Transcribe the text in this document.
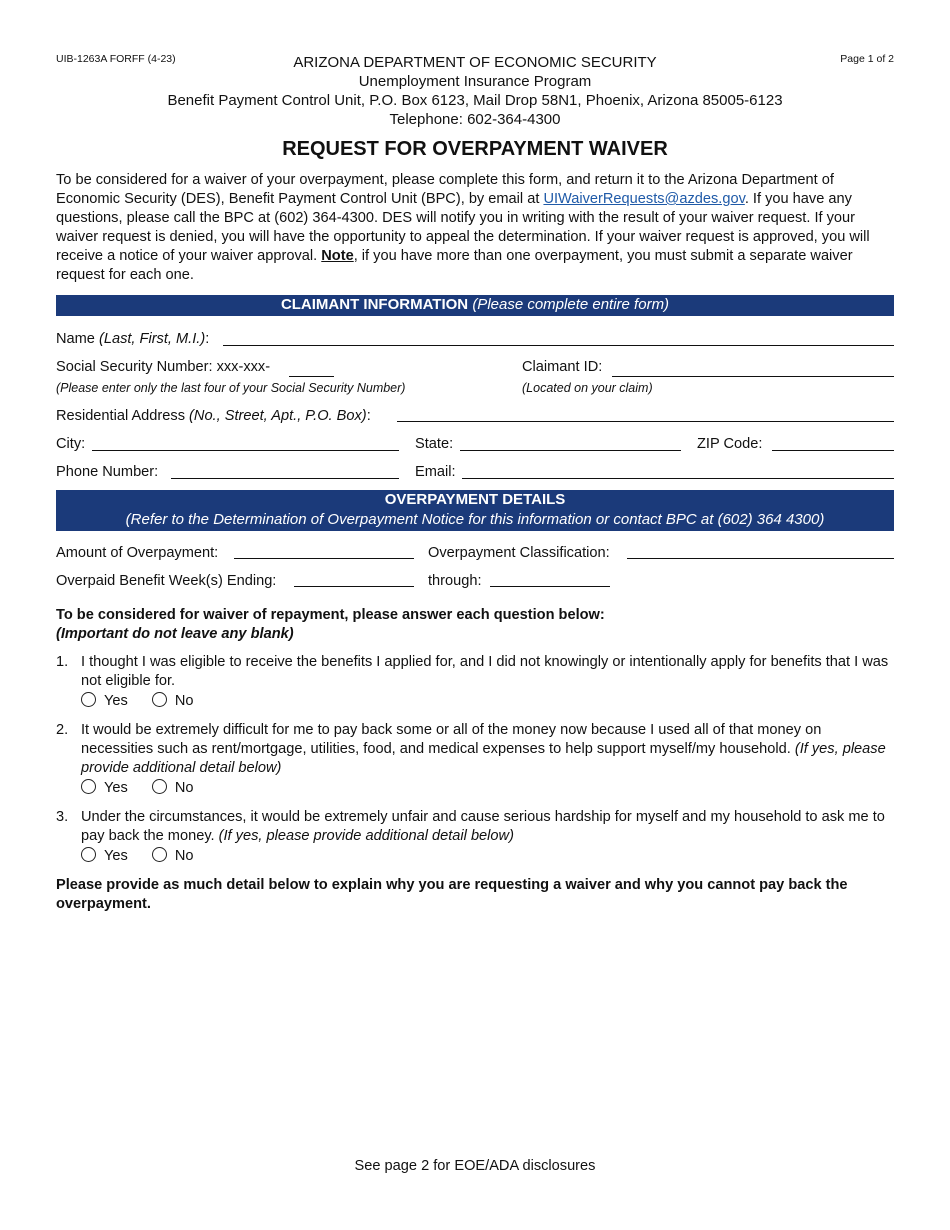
UIB-1263A FORFF (4-23)	Page 1 of 2
ARIZONA DEPARTMENT OF ECONOMIC SECURITY
Unemployment Insurance Program
Benefit Payment Control Unit, P.O. Box 6123, Mail Drop 58N1, Phoenix, Arizona 85005-6123
Telephone: 602-364-4300
REQUEST FOR OVERPAYMENT WAIVER
To be considered for a waiver of your overpayment, please complete this form, and return it to the Arizona Department of Economic Security (DES), Benefit Payment Control Unit (BPC), by email at UIWaiverRequests@azdes.gov. If you have any questions, please call the BPC at (602) 364-4300. DES will notify you in writing with the result of your waiver request. If your waiver request is denied, you will have the opportunity to appeal the determination. If your waiver request is approved, you will receive a notice of your waiver approval. Note, if you have more than one overpayment, you must submit a separate waiver request for each one.
CLAIMANT INFORMATION (Please complete entire form)
Name (Last, First, M.I.):
Social Security Number: xxx-xxx-
(Please enter only the last four of your Social Security Number)
Claimant ID:
(Located on your claim)
Residential Address (No., Street, Apt., P.O. Box):
City:	State:	ZIP Code:
Phone Number:	Email:
OVERPAYMENT DETAILS
(Refer to the Determination of Overpayment Notice for this information or contact BPC at (602) 364 4300)
Amount of Overpayment:	Overpayment Classification:
Overpaid Benefit Week(s) Ending:	through:
To be considered for waiver of repayment, please answer each question below:
(Important do not leave any blank)
1. I thought I was eligible to receive the benefits I applied for, and I did not knowingly or intentionally apply for benefits that I was not eligible for.
Yes	No
2. It would be extremely difficult for me to pay back some or all of the money now because I used all of that money on necessities such as rent/mortgage, utilities, food, and medical expenses to help support myself/my household. (If yes, please provide additional detail below)
Yes	No
3. Under the circumstances, it would be extremely unfair and cause serious hardship for myself and my household to ask me to pay back the money. (If yes, please provide additional detail below)
Yes	No
Please provide as much detail below to explain why you are requesting a waiver and why you cannot pay back the overpayment.
See page 2 for EOE/ADA disclosures
